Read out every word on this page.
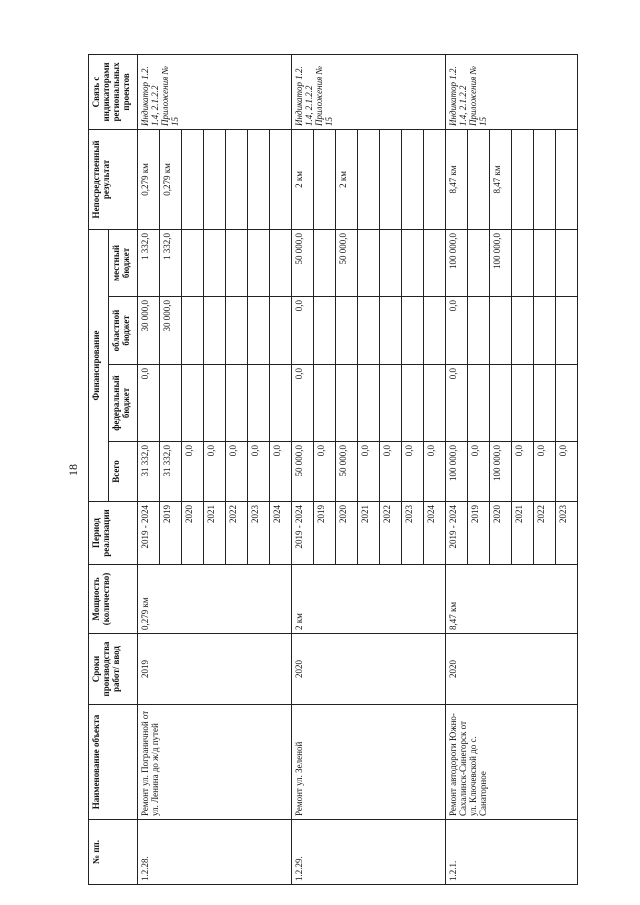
18
№ пп.	Наименование объекта	Сроки производства работ/ ввод	Мощность (количество)	Период реализации	Финансирование				Непосредственный результат	Связь с индикаторами региональных проектов
					Всего	федеральный бюджет	областной бюджет	местный бюджет		
1.2.28.	Ремонт ул. Пограничной от ул. Ленина до ж/д путей	2019	0,279 км	2019 - 2024	31 332,0	0,0	30 000,0	1 332,0	0,279 км	Индикатор 1.2. 1.4, 2.1.2.2 Приложения № 15
				2019	31 332,0		30 000,0	1 332,0	0,279 км	
				2020	0,0					
				2021	0,0					
				2022	0,0					
				2023	0,0					
				2024	0,0					
1.2.29.	Ремонт ул. Зеленой	2020	2 км	2019 - 2024	50 000,0	0,0	0,0	50 000,0	2 км	Индикатор 1.2. 1.4, 2.1.2.2 Приложения № 15
				2019	0,0					
				2020	50 000,0			50 000,0	2 км	
				2021	0,0					
				2022	0,0					
				2023	0,0					
				2024	0,0					
1.2.1.	Ремонт автодороги Южно-Сахалинск-Синегорск от ул. Ключевской до с. Санаторное	2020	8,47 км	2019 - 2024	100 000,0	0,0	0,0	100 000,0	8,47 км	Индикатор 1.2. 1.4, 2.1.2.2 Приложения № 15
				2019	0,0					
				2020	100 000,0			100 000,0	8,47 км	
				2021	0,0					
				2022	0,0					
				2023	0,0					
